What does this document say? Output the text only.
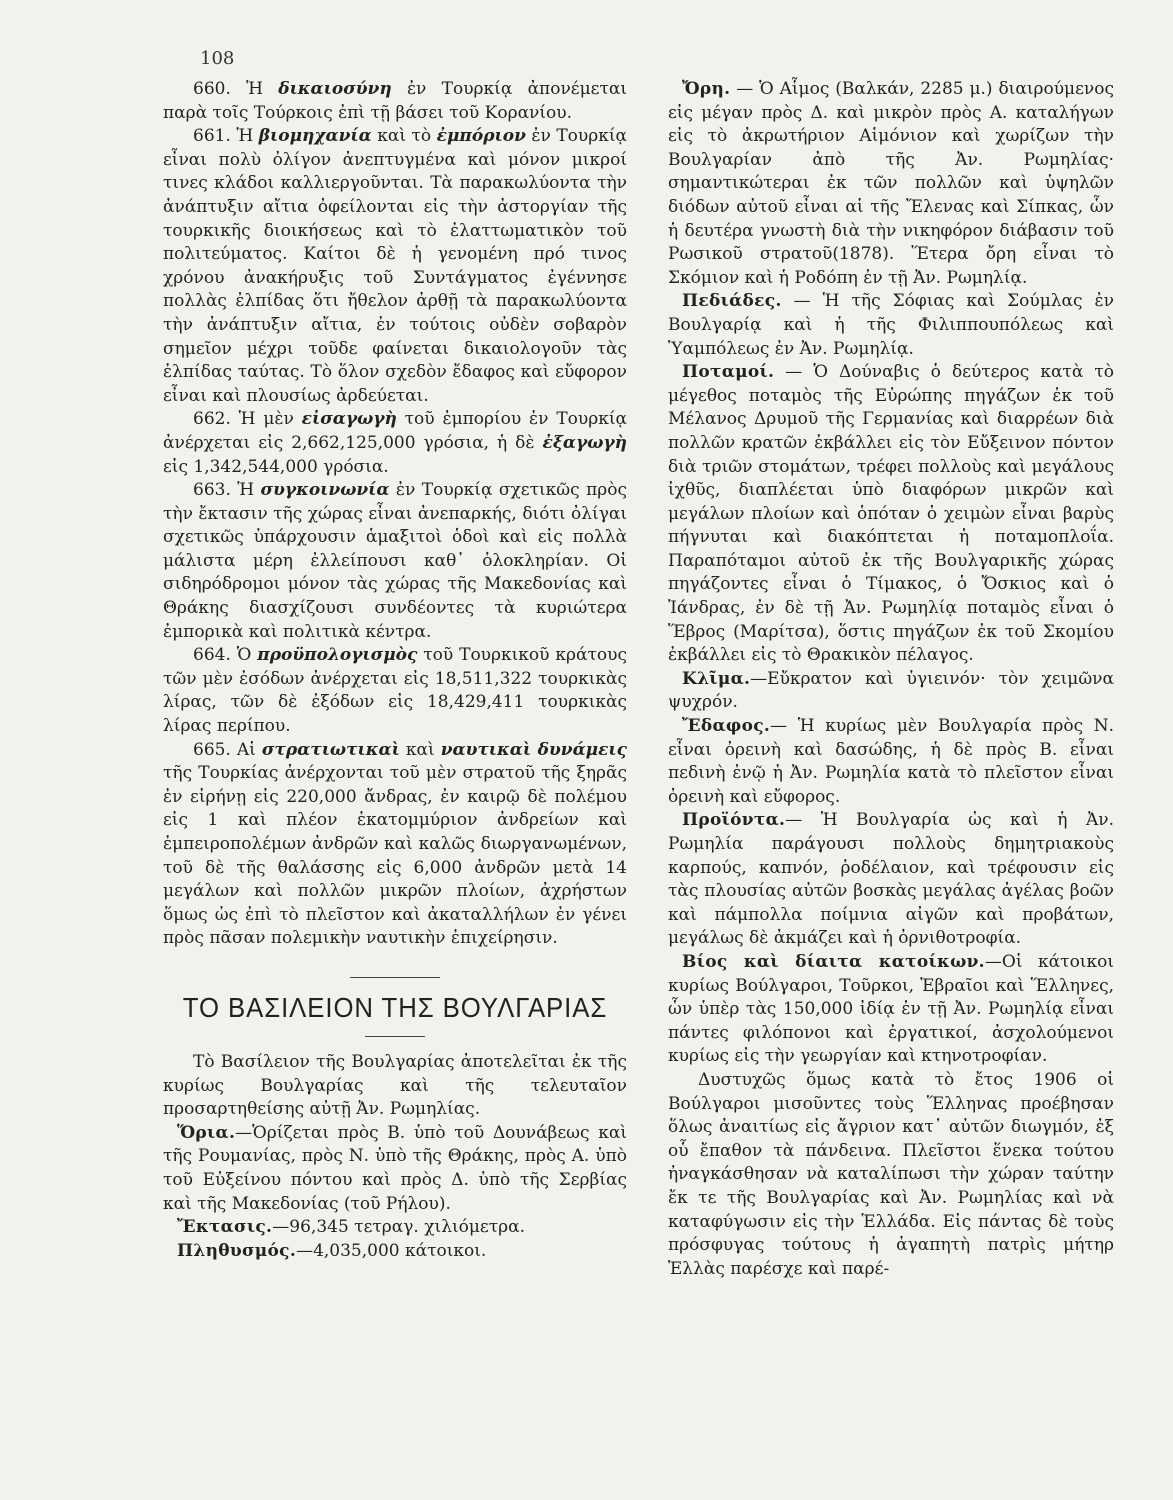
108

660. Ἡ δικαιοσύνη ἐν Τουρκίᾳ ἀπονέμεται παρὰ τοῖς Τούρκοις ἐπὶ τῇ βάσει τοῦ Κορανίου.

661. Ἡ βιομηχανία καὶ τὸ ἐμπόριον ἐν Τουρκίᾳ εἶναι πολὺ ὀλίγον ἀνεπτυγμένα καὶ μόνον μικροί τινες κλάδοι καλλιεργοῦνται. Τὰ παρακωλύοντα τὴν ἀνάπτυξιν αἴτια ὀφείλονται εἰς τὴν ἀστοργίαν τῆς τουρκικῆς διοικήσεως καὶ τὸ ἐλαττωματικὸν τοῦ πολιτεύματος. Καίτοι δὲ ἡ γενομένη πρό τινος χρόνου ἀνακήρυξις τοῦ Συντάγματος ἐγέννησε πολλὰς ἐλπίδας ὅτι ἤθελον ἀρθῇ τὰ παρακωλύοντα τὴν ἀνάπτυξιν αἴτια, ἐν τούτοις οὐδὲν σοβαρὸν σημεῖον μέχρι τοῦδε φαίνεται δικαιολογοῦν τὰς ἐλπίδας ταύτας. Τὸ ὅλον σχεδὸν ἔδαφος καὶ εὔφορον εἶναι καὶ πλουσίως ἀρδεύεται.

662. Ἡ μὲν εἰσαγωγὴ τοῦ ἐμπορίου ἐν Τουρκίᾳ ἀνέρχεται εἰς 2,662,125,000 γρόσια, ἡ δὲ ἐξαγωγὴ εἰς 1,342,544,000 γρόσια.

663. Ἡ συγκοινωνία ἐν Τουρκίᾳ σχετικῶς πρὸς τὴν ἔκτασιν τῆς χώρας εἶναι ἀνεπαρκής, διότι ὀλίγαι σχετικῶς ὑπάρχουσιν ἁμαξιτοὶ ὁδοὶ καὶ εἰς πολλὰ μάλιστα μέρη ἐλλείπουσι καθ᾽ ὁλοκληρίαν. Οἱ σιδηρόδρομοι μόνον τὰς χώρας τῆς Μακεδονίας καὶ Θράκης διασχίζουσι συνδέοντες τὰ κυριώτερα ἐμπορικὰ καὶ πολιτικὰ κέντρα.

664. Ὁ προϋπολογισμὸς τοῦ Τουρκικοῦ κράτους τῶν μὲν ἐσόδων ἀνέρχεται εἰς 18,511,322 τουρκικὰς λίρας, τῶν δὲ ἐξόδων εἰς 18,429,411 τουρκικὰς λίρας περίπου.

665. Αἱ στρατιωτικαὶ καὶ ναυτικαὶ δυνάμεις τῆς Τουρκίας ἀνέρχονται τοῦ μὲν στρατοῦ τῆς ξηρᾶς ἐν εἰρήνῃ εἰς 220,000 ἄνδρας, ἐν καιρῷ δὲ πολέμου εἰς 1 καὶ πλέον ἑκατομμύριον ἀνδρείων καὶ ἐμπειροπολέμων ἀνδρῶν καὶ καλῶς διωργανωμένων, τοῦ δὲ τῆς θαλάσσης εἰς 6,000 ἀνδρῶν μετὰ 14 μεγάλων καὶ πολλῶν μικρῶν πλοίων, ἀχρήστων ὅμως ὡς ἐπὶ τὸ πλεῖστον καὶ ἀκαταλλήλων ἐν γένει πρὸς πᾶσαν πολεμικὴν ναυτικὴν ἐπιχείρησιν.

ΤΟ ΒΑΣΙΛΕΙΟΝ ΤΗΣ ΒΟΥΛΓΑΡΙΑΣ

Τὸ Βασίλειον τῆς Βουλγαρίας ἀποτελεῖται ἐκ τῆς κυρίως Βουλγαρίας καὶ τῆς τελευταῖον προσαρτηθείσης αὐτῇ Ἀν. Ρωμηλίας.

Ὅρια.—Ὁρίζεται πρὸς Β. ὑπὸ τοῦ Δουνάβεως καὶ τῆς Ρουμανίας, πρὸς Ν. ὑπὸ τῆς Θράκης, πρὸς Α. ὑπὸ τοῦ Εὐξείνου πόντου καὶ πρὸς Δ. ὑπὸ τῆς Σερβίας καὶ τῆς Μακεδονίας (τοῦ Ρήλου).

Ἔκτασις.—96,345 τετραγ. χιλιόμετρα.

Πληθυσμός.—4,035,000 κάτοικοι.

Ὄρη. — Ὁ Αἷμος (Βαλκάν, 2285 μ.) διαιρούμενος εἰς μέγαν πρὸς Δ. καὶ μικρὸν πρὸς Α. καταλήγων εἰς τὸ ἀκρωτήριον Αἱμόνιον καὶ χωρίζων τὴν Βουλγαρίαν ἀπὸ τῆς Ἀν. Ρωμηλίας· σημαντικώτεραι ἐκ τῶν πολλῶν καὶ ὑψηλῶν διόδων αὐτοῦ εἶναι αἱ τῆς Ἔλενας καὶ Σίπκας, ὧν ἡ δευτέρα γνωστὴ διὰ τὴν νικηφόρον διάβασιν τοῦ Ρωσικοῦ στρατοῦ(1878). Ἕτερα ὄρη εἶναι τὸ Σκόμιον καὶ ἡ Ροδόπη ἐν τῇ Ἀν. Ρωμηλίᾳ.

Πεδιάδες. — Ἡ τῆς Σόφιας καὶ Σούμλας ἐν Βουλγαρίᾳ καὶ ἡ τῆς Φιλιππουπόλεως καὶ Ὑαμπόλεως ἐν Ἀν. Ρωμηλίᾳ.

Ποταμοί. — Ὁ Δούναβις ὁ δεύτερος κατὰ τὸ μέγεθος ποταμὸς τῆς Εὐρώπης πηγάζων ἐκ τοῦ Μέλανος Δρυμοῦ τῆς Γερμανίας καὶ διαρρέων διὰ πολλῶν κρατῶν ἐκβάλλει εἰς τὸν Εὔξεινον πόντον διὰ τριῶν στομάτων, τρέφει πολλοὺς καὶ μεγάλους ἰχθῦς, διαπλέεται ὑπὸ διαφόρων μικρῶν καὶ μεγάλων πλοίων καὶ ὁπόταν ὁ χειμὼν εἶναι βαρὺς πήγνυται καὶ διακόπτεται ἡ ποταμοπλοΐα. Παραπόταμοι αὐτοῦ ἐκ τῆς Βουλγαρικῆς χώρας πηγάζοντες εἶναι ὁ Τίμακος, ὁ Ὄσκιος καὶ ὁ Ἰάνδρας, ἐν δὲ τῇ Ἀν. Ρωμηλίᾳ ποταμὸς εἶναι ὁ Ἕβρος (Μαρίτσα), ὅστις πηγάζων ἐκ τοῦ Σκομίου ἐκβάλλει εἰς τὸ Θρακικὸν πέλαγος.

Κλῖμα.—Εὔκρατον καὶ ὑγιεινόν· τὸν χειμῶνα ψυχρόν.

Ἔδαφος.— Ἡ κυρίως μὲν Βουλγαρία πρὸς Ν. εἶναι ὀρεινὴ καὶ δασώδης, ἡ δὲ πρὸς Β. εἶναι πεδινὴ ἐνῷ ἡ Ἀν. Ρωμηλία κατὰ τὸ πλεῖστον εἶναι ὀρεινὴ καὶ εὔφορος.

Προϊόντα.— Ἡ Βουλγαρία ὡς καὶ ἡ Ἀν. Ρωμηλία παράγουσι πολλοὺς δημητριακοὺς καρπούς, καπνόν, ῥοδέλαιον, καὶ τρέφουσιν εἰς τὰς πλουσίας αὐτῶν βοσκὰς μεγάλας ἀγέλας βοῶν καὶ πάμπολλα ποίμνια αἰγῶν καὶ προβάτων, μεγάλως δὲ ἀκμάζει καὶ ἡ ὀρνιθοτροφία.

Βίος καὶ δίαιτα κατοίκων.—Οἱ κάτοικοι κυρίως Βούλγαροι, Τοῦρκοι, Ἑβραῖοι καὶ Ἕλληνες, ὧν ὑπὲρ τὰς 150,000 ἰδίᾳ ἐν τῇ Ἀν. Ρωμηλίᾳ εἶναι πάντες φιλόπονοι καὶ ἐργατικοί, ἀσχολούμενοι κυρίως εἰς τὴν γεωργίαν καὶ κτηνοτροφίαν.

Δυστυχῶς ὅμως κατὰ τὸ ἔτος 1906 οἱ Βούλγαροι μισοῦντες τοὺς Ἕλληνας προέβησαν ὅλως ἀναιτίως εἰς ἄγριον κατ᾽ αὐτῶν διωγμόν, ἐξ οὗ ἔπαθον τὰ πάνδεινα. Πλεῖστοι ἕνεκα τούτου ἠναγκάσθησαν νὰ καταλίπωσι τὴν χώραν ταύτην ἔκ τε τῆς Βουλγαρίας καὶ Ἀν. Ρωμηλίας καὶ νὰ καταφύγωσιν εἰς τὴν Ἑλλάδα. Εἰς πάντας δὲ τοὺς πρόσφυγας τούτους ἡ ἀγαπητὴ πατρὶς μήτηρ Ἑλλὰς παρέσχε καὶ παρέ-
